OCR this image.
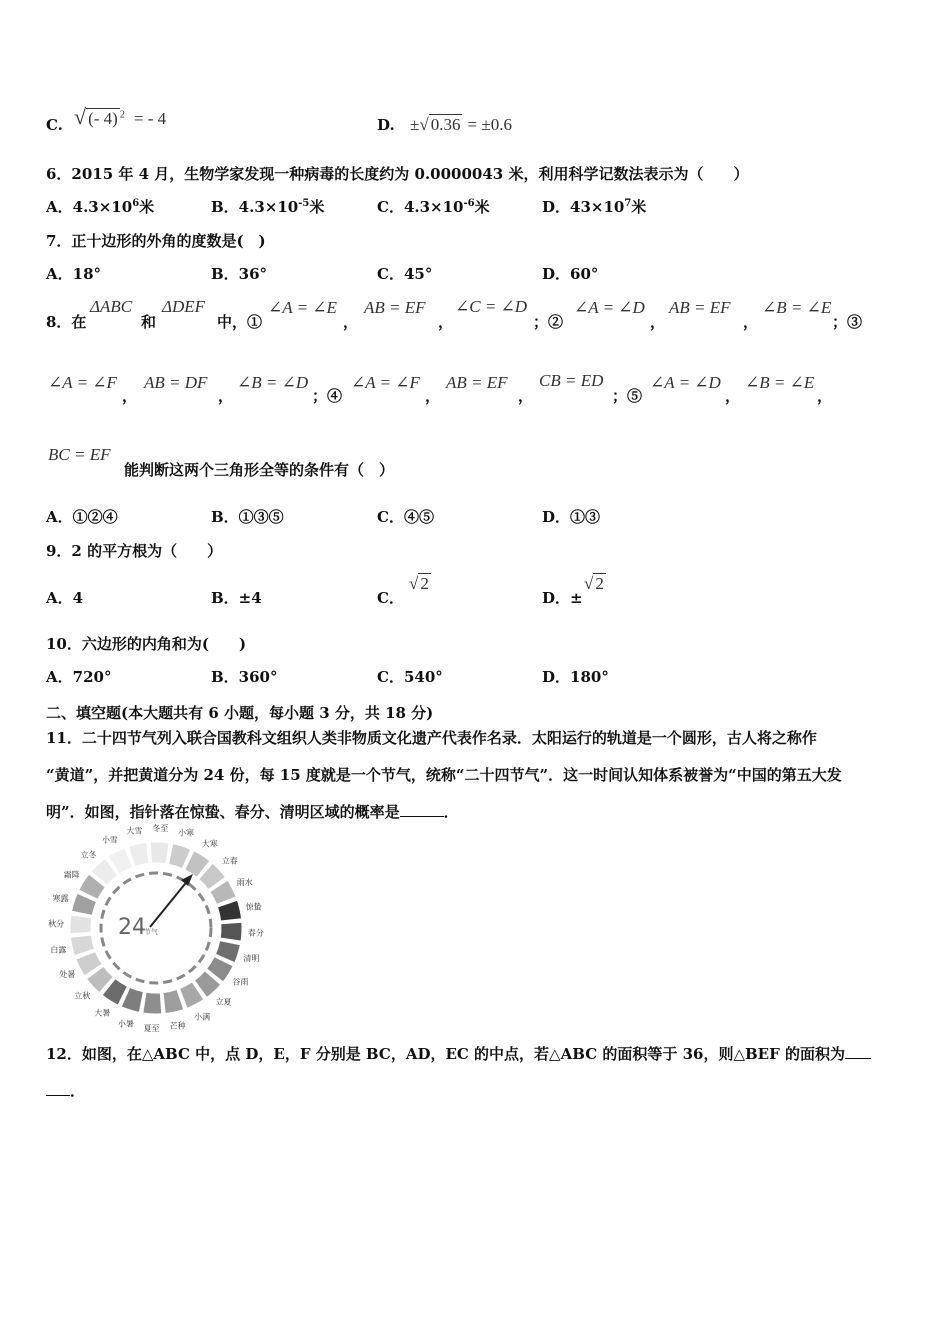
C. √ (- 4) $^2$ = - 4	D. ±√ 0.36 = ±0.6
6．2015 年 4 月，生物学家发现一种病毒的长度约为 0.0000043 米，利用科学记数法表示为（　　）
A．$4.3\times 10^6$米	B．$4.3\times 10^{-5}$米	C．$4.3\times 10^{-6}$米	D．$43\times 10^7$米
7．正十边形的外角的度数是(　)
A．18°	B．36°	C．45°	D．60°
8．在
ΔABC
和
ΔDEF
中，①
∠A = ∠E
，
AB = EF
，
∠C = ∠D
；②
∠A = ∠D
，
AB = EF
，
∠B = ∠E
；③
∠A = ∠F
，
AB = DF
，
∠B = ∠D
；④
∠A = ∠F
，
AB = EF
，
CB = ED
；⑤
∠A = ∠D
，
∠B = ∠E
，
BC = EF
能判断这两个三角形全等的条件有（　）
A．①②④	B．①③⑤	C．④⑤	D．①③
9．2 的平方根为（　　）
A．4	B．±4	C．
√ 2
D．±
√ 2
10．六边形的内角和为(　　)
A．720°	B．360°	C．540°	D．180°
二、填空题(本大题共有 6 小题，每小题 3 分，共 18 分)
11．二十四节气列入联合国教科文组织人类非物质文化遗产代表作名录．太阳运行的轨道是一个圆形，古人将之称作
“黄道”，并把黄道分为 24 份，每 15 度就是一个节气，统称“二十四节气”．这一时间认知体系被誉为“中国的第五大发
明”．如图，指针落在惊蛰、春分、清明区域的概率是	．
立春
雨水
惊蛰
春分
清明
谷雨
立夏
小满
芒种
夏至
小暑
大暑
立秋
处暑
白露
秋分
寒露
霜降
立冬
小雪
大雪 冬至
小寒
大寒
24
节气
12．如图，在△ABC 中，点 D，E，F 分别是 BC，AD，EC 的中点，若△ABC 的面积等于 36，则△BEF 的面积为
．
